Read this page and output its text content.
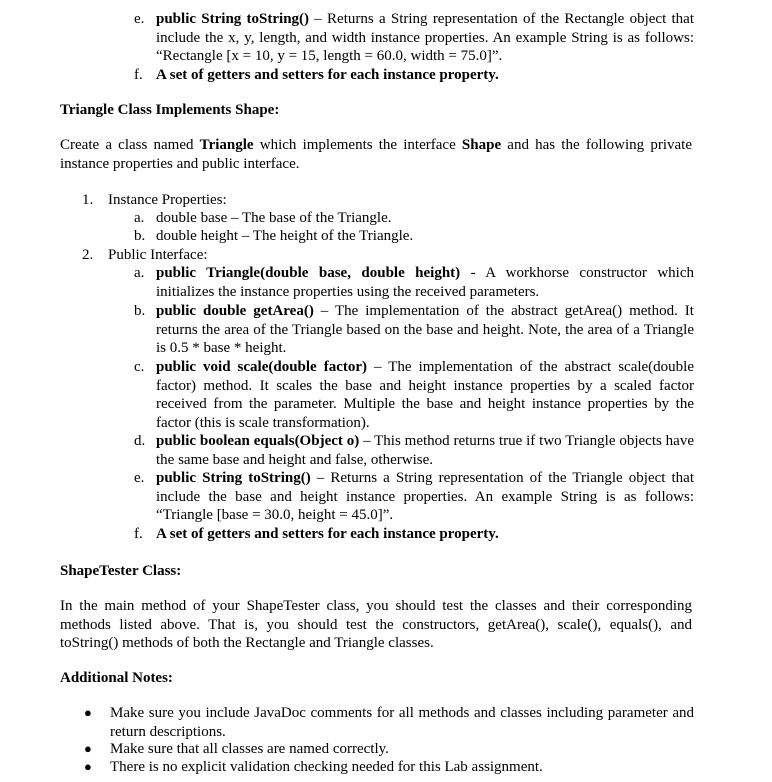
e. public String toString() – Returns a String representation of the Rectangle object that include the x, y, length, and width instance properties. An example String is as follows: “Rectangle [x = 10, y = 15, length = 60.0, width = 75.0]”.
f. A set of getters and setters for each instance property.
Triangle Class Implements Shape:
Create a class named Triangle which implements the interface Shape and has the following private instance properties and public interface.
1. Instance Properties:
a. double base – The base of the Triangle.
b. double height – The height of the Triangle.
2. Public Interface:
a. public Triangle(double base, double height) - A workhorse constructor which initializes the instance properties using the received parameters.
b. public double getArea() – The implementation of the abstract getArea() method. It returns the area of the Triangle based on the base and height. Note, the area of a Triangle is 0.5 * base * height.
c. public void scale(double factor) – The implementation of the abstract scale(double factor) method. It scales the base and height instance properties by a scaled factor received from the parameter. Multiple the base and height instance properties by the factor (this is scale transformation).
d. public boolean equals(Object o) – This method returns true if two Triangle objects have the same base and height and false, otherwise.
e. public String toString() – Returns a String representation of the Triangle object that include the base and height instance properties. An example String is as follows: “Triangle [base = 30.0, height = 45.0]”.
f. A set of getters and setters for each instance property.
ShapeTester Class:
In the main method of your ShapeTester class, you should test the classes and their corresponding methods listed above. That is, you should test the constructors, getArea(), scale(), equals(), and toString() methods of both the Rectangle and Triangle classes.
Additional Notes:
●	Make sure you include JavaDoc comments for all methods and classes including parameter and return descriptions.
●	Make sure that all classes are named correctly.
●	There is no explicit validation checking needed for this Lab assignment.
